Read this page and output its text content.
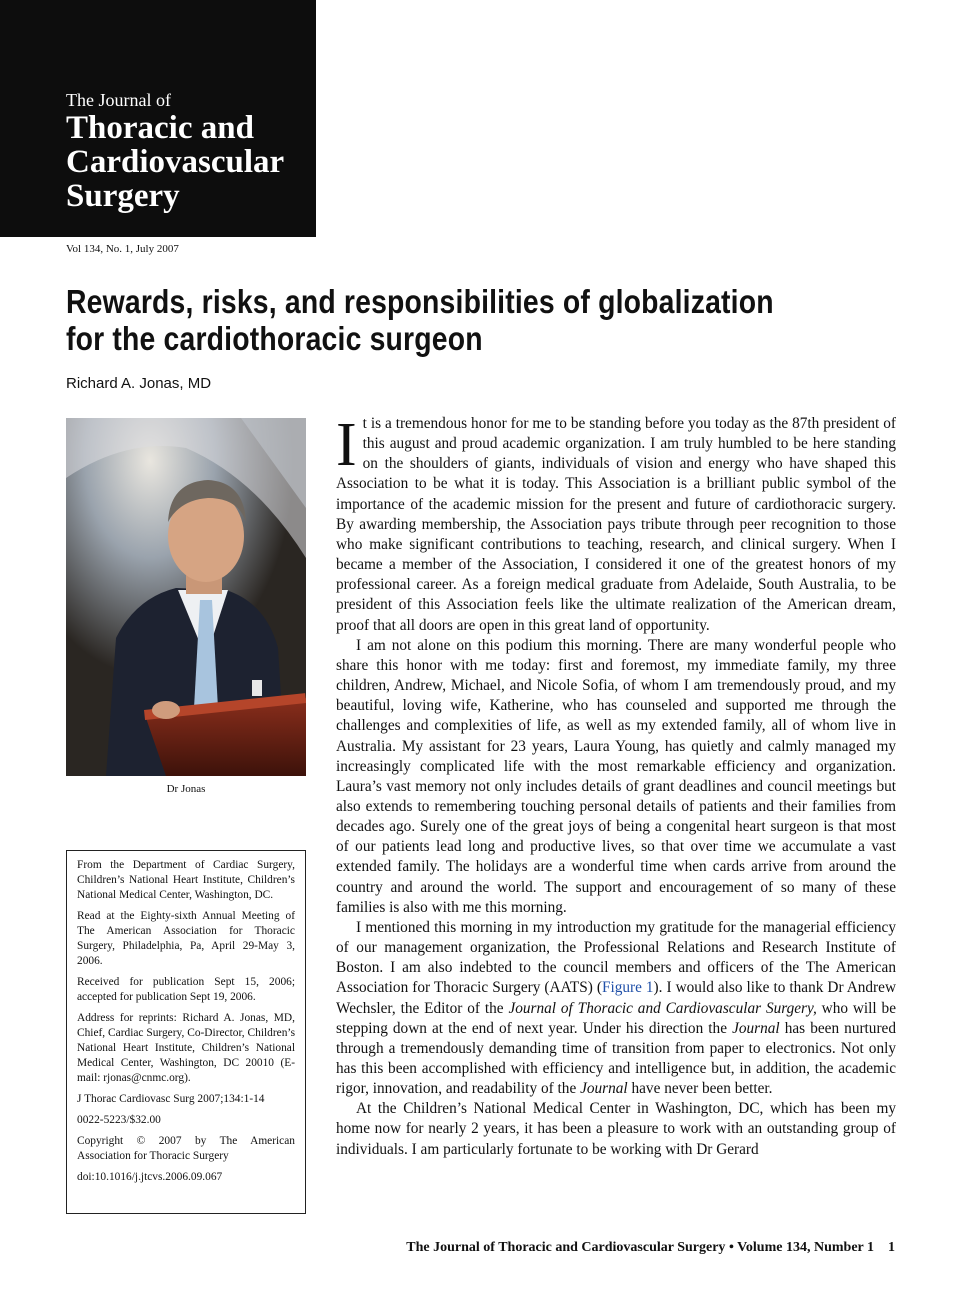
The Journal of
Thoracic and
Cardiovascular
Surgery
Vol 134, No. 1, July 2007
Rewards, risks, and responsibilities of globalization
for the cardiothoracic surgeon
Richard A. Jonas, MD
Dr Jonas

From the Department of Cardiac Surgery, Children’s National Heart Institute, Children’s National Medical Center, Washington, DC.

Read at the Eighty-sixth Annual Meeting of The American Association for Thoracic Surgery, Philadelphia, Pa, April 29-May 3, 2006.

Received for publication Sept 15, 2006; accepted for publication Sept 19, 2006.

Address for reprints: Richard A. Jonas, MD, Chief, Cardiac Surgery, Co-Director, Children’s National Heart Institute, Children’s National Medical Center, Washington, DC 20010 (E-mail: rjonas@cnmc.org).

J Thorac Cardiovasc Surg 2007;134:1-14

0022-5223/$32.00

Copyright © 2007 by The American Association for Thoracic Surgery

doi:10.1016/j.jtcvs.2006.09.067

It is a tremendous honor for me to be standing before you today as the 87th president of this august and proud academic organization. I am truly humbled to be here standing on the shoulders of giants, individuals of vision and energy who have shaped this Association to be what it is today. This Association is a brilliant public symbol of the importance of the academic mission for the present and future of cardiothoracic surgery. By awarding membership, the Association pays tribute through peer recognition to those who make significant contributions to teaching, research, and clinical surgery. When I became a member of the Association, I considered it one of the greatest honors of my professional career. As a foreign medical graduate from Adelaide, South Australia, to be president of this Association feels like the ultimate realization of the American dream, proof that all doors are open in this great land of opportunity.

I am not alone on this podium this morning. There are many wonderful people who share this honor with me today: first and foremost, my immediate family, my three children, Andrew, Michael, and Nicole Sofia, of whom I am tremendously proud, and my beautiful, loving wife, Katherine, who has counseled and supported me through the challenges and complexities of life, as well as my extended family, all of whom live in Australia. My assistant for 23 years, Laura Young, has quietly and calmly managed my increasingly complicated life with the most remarkable efficiency and organization. Laura’s vast memory not only includes details of grant deadlines and council meetings but also extends to remembering touching personal details of patients and their families from decades ago. Surely one of the great joys of being a congenital heart surgeon is that most of our patients lead long and productive lives, so that over time we accumulate a vast extended family. The holidays are a wonderful time when cards arrive from around the country and around the world. The support and encouragement of so many of these families is also with me this morning.

I mentioned this morning in my introduction my gratitude for the managerial efficiency of our management organization, the Professional Relations and Research Institute of Boston. I am also indebted to the council members and officers of the The American Association for Thoracic Surgery (AATS) (Figure 1). I would also like to thank Dr Andrew Wechsler, the Editor of the Journal of Thoracic and Cardiovascular Surgery, who will be stepping down at the end of next year. Under his direction the Journal has been nurtured through a tremendously demanding time of transition from paper to electronics. Not only has this been accomplished with efficiency and intelligence but, in addition, the academic rigor, innovation, and readability of the Journal have never been better.

At the Children’s National Medical Center in Washington, DC, which has been my home now for nearly 2 years, it has been a pleasure to work with an outstanding group of individuals. I am particularly fortunate to be working with Dr Gerard

The Journal of Thoracic and Cardiovascular Surgery • Volume 134, Number 1 1
